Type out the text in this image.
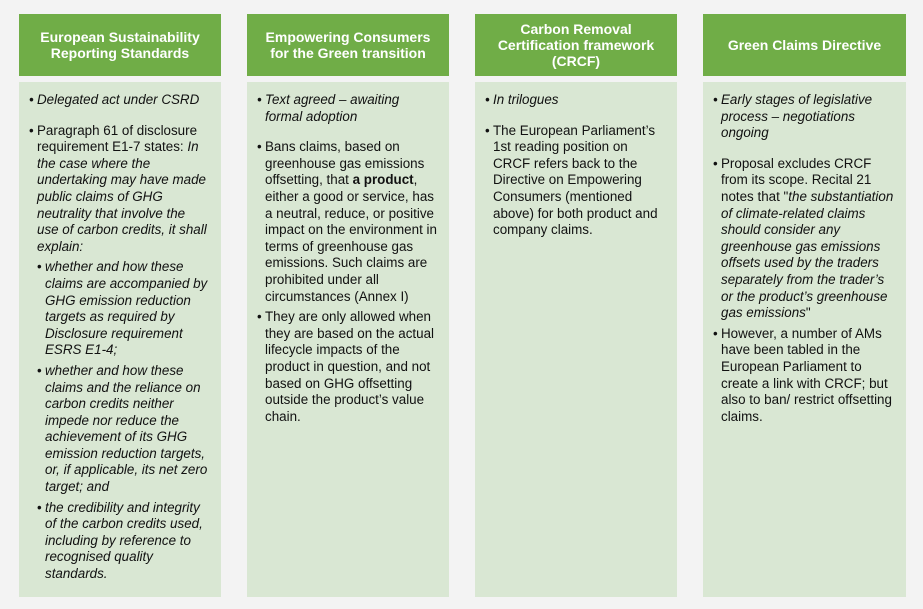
European Sustainability Reporting Standards
• Delegated act under CSRD
• Paragraph 61 of disclosure requirement E1-7 states: In the case where the undertaking may have made public claims of GHG neutrality that involve the use of carbon credits, it shall explain:
• whether and how these claims are accompanied by GHG emission reduction targets as required by Disclosure requirement ESRS E1-4;
• whether and how these claims and the reliance on carbon credits neither impede nor reduce the achievement of its GHG emission reduction targets, or, if applicable, its net zero target; and
• the credibility and integrity of the carbon credits used, including by reference to recognised quality standards.
Empowering Consumers for the Green transition
• Text agreed – awaiting formal adoption
• Bans claims, based on greenhouse gas emissions offsetting, that a product, either a good or service, has a neutral, reduce, or positive impact on the environment in terms of greenhouse gas emissions. Such claims are prohibited under all circumstances (Annex I)
• They are only allowed when they are based on the actual lifecycle impacts of the product in question, and not based on GHG offsetting outside the product’s value chain.
Carbon Removal Certification framework (CRCF)
• In trilogues
• The European Parliament’s 1st reading position on CRCF refers back to the Directive on Empowering Consumers (mentioned above) for both product and company claims.
Green Claims Directive
• Early stages of legislative process – negotiations ongoing
• Proposal excludes CRCF from its scope. Recital 21 notes that "the substantiation of climate-related claims should consider any greenhouse gas emissions offsets used by the traders separately from the trader’s or the product’s greenhouse gas emissions"
• However, a number of AMs have been tabled in the European Parliament to create a link with CRCF; but also to ban/ restrict offsetting claims.
